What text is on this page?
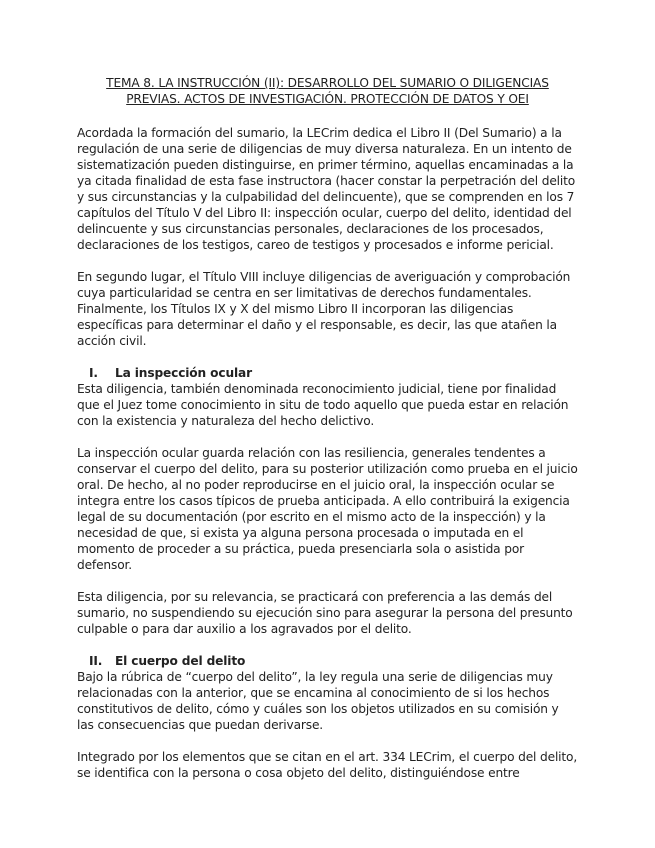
TEMA 8. LA INSTRUCCIÓN (II): DESARROLLO DEL SUMARIO O DILIGENCIAS
PREVIAS. ACTOS DE INVESTIGACIÓN. PROTECCIÓN DE DATOS Y OEI

Acordada la formación del sumario, la LECrim dedica el Libro II (Del Sumario) a la regulación de una serie de diligencias de muy diversa naturaleza. En un intento de sistematización pueden distinguirse, en primer término, aquellas encaminadas a la ya citada finalidad de esta fase instructora (hacer constar la perpetración del delito y sus circunstancias y la culpabilidad del delincuente), que se comprenden en los 7 capítulos del Título V del Libro II: inspección ocular, cuerpo del delito, identidad del delincuente y sus circunstancias personales, declaraciones de los procesados, declaraciones de los testigos, careo de testigos y procesados e informe pericial.

En segundo lugar, el Título VIII incluye diligencias de averiguación y comprobación cuya particularidad se centra en ser limitativas de derechos fundamentales. Finalmente, los Títulos IX y X del mismo Libro II incorporan las diligencias específicas para determinar el daño y el responsable, es decir, las que atañen la acción civil.

I.	La inspección ocular

Esta diligencia, también denominada reconocimiento judicial, tiene por finalidad que el Juez tome conocimiento in situ de todo aquello que pueda estar en relación con la existencia y naturaleza del hecho delictivo.

La inspección ocular guarda relación con las resiliencia, generales tendentes a conservar el cuerpo del delito, para su posterior utilización como prueba en el juicio oral. De hecho, al no poder reproducirse en el juicio oral, la inspección ocular se integra entre los casos típicos de prueba anticipada. A ello contribuirá la exigencia legal de su documentación (por escrito en el mismo acto de la inspección) y la necesidad de que, si exista ya alguna persona procesada o imputada en el momento de proceder a su práctica, pueda presenciarla sola o asistida por defensor.

Esta diligencia, por su relevancia, se practicará con preferencia a las demás del sumario, no suspendiendo su ejecución sino para asegurar la persona del presunto culpable o para dar auxilio a los agravados por el delito.

II.	El cuerpo del delito

Bajo la rúbrica de “cuerpo del delito”, la ley regula una serie de diligencias muy relacionadas con la anterior, que se encamina al conocimiento de si los hechos constitutivos de delito, cómo y cuáles son los objetos utilizados en su comisión y las consecuencias que puedan derivarse.

Integrado por los elementos que se citan en el art. 334 LECrim, el cuerpo del delito, se identifica con la persona o cosa objeto del delito, distinguiéndose entre
